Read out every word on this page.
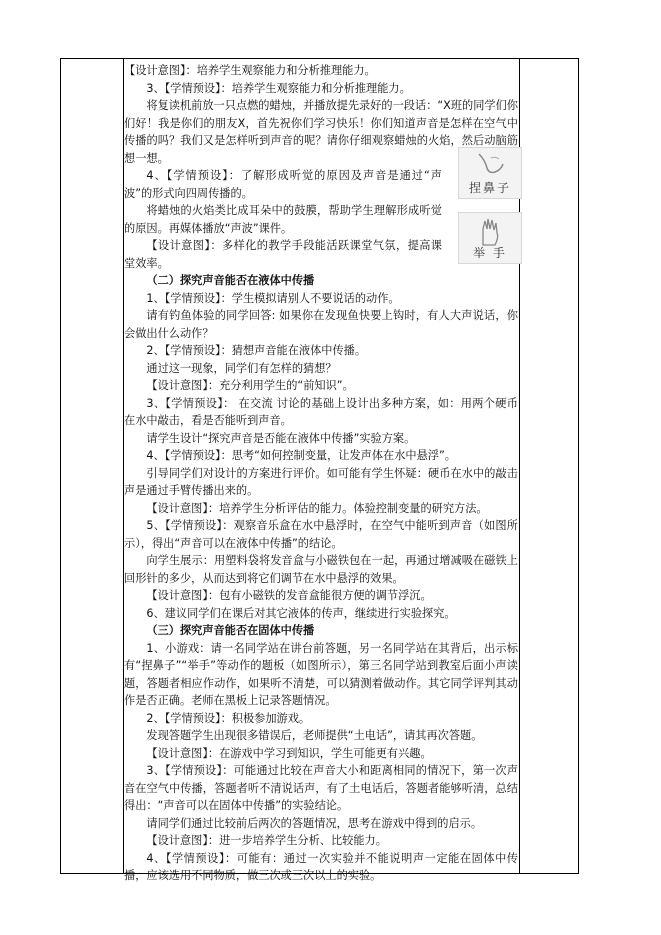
【设计意图】：培养学生观察能力和分析推理能力。

3、【学情预设】：培养学生观察能力和分析推理能力。

将复读机前放一只点燃的蜡烛，并播放提先录好的一段话：“X班的同学们你们好！我是你们的朋友X，首先祝你们学习快乐！你们知道声音是怎样在空气中传播的吗？我们又是怎样听到声音的呢？请你仔细观察蜡烛的火焰，然后动脑筋想一想。

4、【学情预设】：了解形成听觉的原因及声音是通过“声波”的形式向四周传播的。

将蜡烛的火焰类比成耳朵中的鼓膜，帮助学生理解形成听觉的原因。再媒体播放“声波”课件。

【设计意图】：多样化的教学手段能活跃课堂气氛，提高课堂效率。

（二）探究声音能否在液体中传播

1、【学情预设】：学生模拟请别人不要说话的动作。

请有钓鱼体验的同学回答: 如果你在发现鱼快要上钩时，有人大声说话，你会做出什么动作？

2、【学情预设】：猜想声音能在液体中传播。

通过这一现象，同学们有怎样的猜想？

【设计意图】：充分利用学生的“前知识”。

3、【学情预设】： 在交流 讨论的基础上设计出多种方案，如：用两个硬币在水中敲击，看是否能听到声音。

请学生设计“探究声音是否能在液体中传播”实验方案。

4、【学情预设】：思考“如何控制变量，让发声体在水中悬浮”。

引导同学们对设计的方案进行评价。如可能有学生怀疑：硬币在水中的敲击声是通过手臂传播出来的。

【设计意图】：培养学生分析评估的能力。体验控制变量的研究方法。

5、【学情预设】：观察音乐盒在水中悬浮时，在空气中能听到声音（如图所示），得出“声音可以在液体中传播”的结论。

向学生展示：用塑料袋将发音盒与小磁铁包在一起，再通过增减吸在磁铁上回形针的多少，从而达到将它们调节在水中悬浮的效果。

【设计意图】：包有小磁铁的发音盒能很方便的调节浮沉。

6、建议同学们在课后对其它液体的传声，继续进行实验探究。

（三）探究声音能否在固体中传播

1、小游戏：请一名同学站在讲台前答题，另一名同学站在其背后，出示标有“捏鼻子”“举手”等动作的题板（如图所示），第三名同学站到教室后面小声读题，答题者相应作动作，如果听不清楚，可以猜测着做动作。其它同学评判其动作是否正确。老师在黑板上记录答题情况。

2、【学情预设】：积极参加游戏。

发现答题学生出现很多错误后，老师提供“土电话”，请其再次答题。

【设计意图】：在游戏中学习到知识，学生可能更有兴趣。

3、【学情预设】：可能通过比较在声音大小和距离相同的情况下，第一次声音在空气中传播，答题者听不清说话声，有了土电话后，答题者能够听清，总结得出：“声音可以在固体中传播”的实验结论。

请同学们通过比较前后两次的答题情况，思考在游戏中得到的启示。

【设计意图】：进一步培养学生分析、比较能力。

4、【学情预设】：可能有：通过一次实验并不能说明声一定能在固体中传播，应该选用不同物质，做三次或三次以上的实验。

捏鼻子
举 手
